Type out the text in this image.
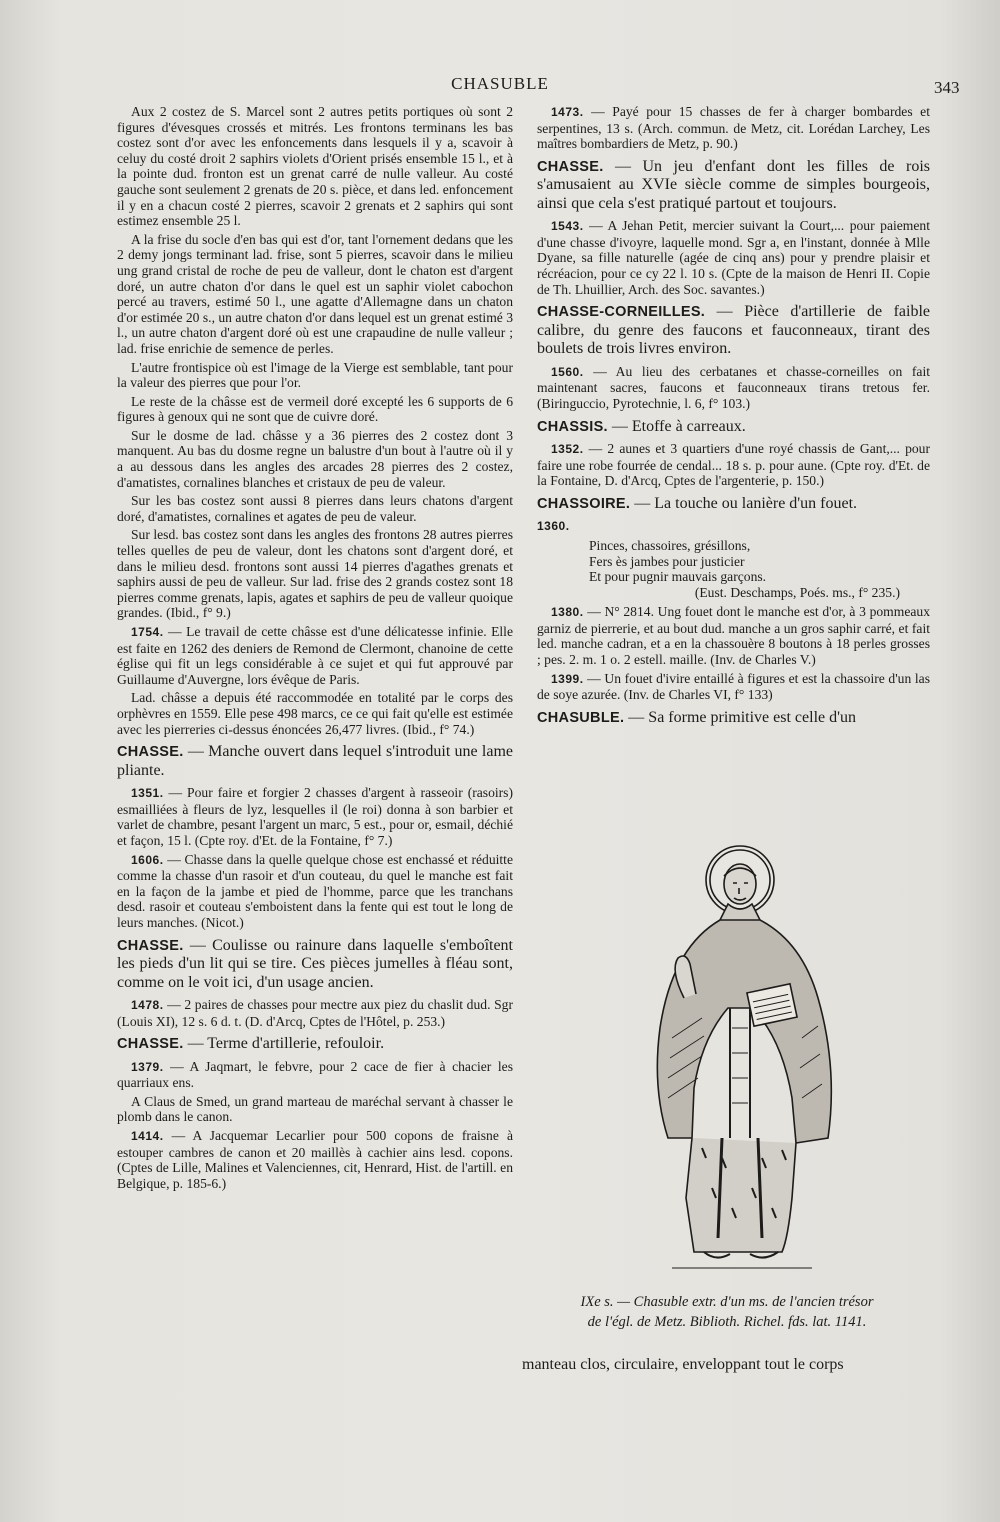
CHASUBLE	343

Aux 2 costez de S. Marcel sont 2 autres petits portiques où sont 2 figures d'évesques crossés et mitrés. Les frontons terminans les bas costez sont d'or avec les enfoncements dans lesquels il y a, scavoir à celuy du costé droit 2 saphirs violets d'Orient prisés ensemble 15 l., et à la pointe dud. fronton est un grenat carré de nulle valleur. Au costé gauche sont seulement 2 grenats de 20 s. pièce, et dans led. enfoncement il y en a chacun costé 2 pierres, scavoir 2 grenats et 2 saphirs qui sont estimez ensemble 25 l.

A la frise du socle d'en bas qui est d'or, tant l'ornement dedans que les 2 demy jongs terminant lad. frise, sont 5 pierres, scavoir dans le milieu ung grand cristal de roche de peu de valleur, dont le chaton est d'argent doré, un autre chaton d'or dans le quel est un saphir violet cabochon percé au travers, estimé 50 l., une agatte d'Allemagne dans un chaton d'or estimée 20 s., un autre chaton d'or dans lequel est un grenat estimé 3 l., un autre chaton d'argent doré où est une crapaudine de nulle valleur ; lad. frise enrichie de semence de perles.

L'autre frontispice où est l'image de la Vierge est semblable, tant pour la valeur des pierres que pour l'or.

Le reste de la châsse est de vermeil doré excepté les 6 supports de 6 figures à genoux qui ne sont que de cuivre doré.

Sur le dosme de lad. châsse y a 36 pierres des 2 costez dont 3 manquent. Au bas du dosme regne un balustre d'un bout à l'autre où il y a au dessous dans les angles des arcades 28 pierres des 2 costez, d'amatistes, cornalines blanches et cristaux de peu de valeur.

Sur les bas costez sont aussi 8 pierres dans leurs chatons d'argent doré, d'amatistes, cornalines et agates de peu de valeur.

Sur lesd. bas costez sont dans les angles des frontons 28 autres pierres telles quelles de peu de valeur, dont les chatons sont d'argent doré, et dans le milieu desd. frontons sont aussi 14 pierres d'agathes grenats et saphirs aussi de peu de valleur. Sur lad. frise des 2 grands costez sont 18 pierres comme grenats, lapis, agates et saphirs de peu de valleur quoique grandes. (Ibid., f° 9.)

1754. — Le travail de cette châsse est d'une délicatesse infinie. Elle est faite en 1262 des deniers de Remond de Clermont, chanoine de cette église qui fit un legs considérable à ce sujet et qui fut approuvé par Guillaume d'Auvergne, lors évêque de Paris.

Lad. châsse a depuis été raccommodée en totalité par le corps des orphèvres en 1559. Elle pese 498 marcs, ce ce qui fait qu'elle est estimée avec les pierreries ci-dessus énoncées 26,477 livres. (Ibid., f° 74.)

CHASSE. — Manche ouvert dans lequel s'introduit une lame pliante.

1351. — Pour faire et forgier 2 chasses d'argent à rasseoir (rasoirs) esmailliées à fleurs de lyz, lesquelles il (le roi) donna à son barbier et varlet de chambre, pesant l'argent un marc, 5 est., pour or, esmail, déchié et façon, 15 l. (Cpte roy. d'Et. de la Fontaine, f° 7.)

1606. — Chasse dans la quelle quelque chose est enchassé et réduitte comme la chasse d'un rasoir et d'un couteau, du quel le manche est fait en la façon de la jambe et pied de l'homme, parce que les tranchans desd. rasoir et couteau s'emboistent dans la fente qui est tout le long de leurs manches. (Nicot.)

CHASSE. — Coulisse ou rainure dans laquelle s'emboîtent les pieds d'un lit qui se tire. Ces pièces jumelles à fléau sont, comme on le voit ici, d'un usage ancien.

1478. — 2 paires de chasses pour mectre aux piez du chaslit dud. Sgr (Louis XI), 12 s. 6 d. t. (D. d'Arcq, Cptes de l'Hôtel, p. 253.)

CHASSE. — Terme d'artillerie, refouloir.

1379. — A Jaqmart, le febvre, pour 2 cace de fier à chacier les quarriaux ens.

A Claus de Smed, un grand marteau de maréchal servant à chasser le plomb dans le canon.

1414. — A Jacquemar Lecarlier pour 500 copons de fraisne à estouper cambres de canon et 20 maillès à cachier ains lesd. copons. (Cptes de Lille, Malines et Valenciennes, cit, Henrard, Hist. de l'artill. en Belgique, p. 185-6.)

1473. — Payé pour 15 chasses de fer à charger bombardes et serpentines, 13 s. (Arch. commun. de Metz, cit. Lorédan Larchey, Les maîtres bombardiers de Metz, p. 90.)

CHASSE. — Un jeu d'enfant dont les filles de rois s'amusaient au XVIe siècle comme de simples bourgeois, ainsi que cela s'est pratiqué partout et toujours.

1543. — A Jehan Petit, mercier suivant la Court,... pour paiement d'une chasse d'ivoyre, laquelle mond. Sgr a, en l'instant, donnée à Mlle Dyane, sa fille naturelle (agée de cinq ans) pour y prendre plaisir et récréacion, pour ce cy 22 l. 10 s. (Cpte de la maison de Henri II. Copie de Th. Lhuillier, Arch. des Soc. savantes.)

CHASSE-CORNEILLES. — Pièce d'artillerie de faible calibre, du genre des faucons et fauconneaux, tirant des boulets de trois livres environ.

1560. — Au lieu des cerbatanes et chasse-corneilles on fait maintenant sacres, faucons et fauconneaux tirans tretous fer. (Biringuccio, Pyrotechnie, l. 6, f° 103.)

CHASSIS. — Etoffe à carreaux.

1352. — 2 aunes et 3 quartiers d'une royé chassis de Gant,... pour faire une robe fourrée de cendal... 18 s. p. pour aune. (Cpte roy. d'Et. de la Fontaine, D. d'Arcq, Cptes de l'argenterie, p. 150.)

CHASSOIRE. — La touche ou lanière d'un fouet.

1360.

Pinces, chassoires, grésillons,

Fers ès jambes pour justicier

Et pour pugnir mauvais garçons.

(Eust. Deschamps, Poés. ms., f° 235.)

1380. — N° 2814. Ung fouet dont le manche est d'or, à 3 pommeaux garniz de pierrerie, et au bout dud. manche a un gros saphir carré, et fait led. manche cadran, et a en la chassouère 8 boutons à 18 perles grosses ; pes. 2. m. 1 o. 2 estell. maille. (Inv. de Charles V.)

1399. — Un fouet d'ivire entaillé à figures et est la chassoire d'un las de soye azurée. (Inv. de Charles VI, f° 133)

CHASUBLE. — Sa forme primitive est celle d'un

IXe s. — Chasuble extr. d'un ms. de l'ancien trésor
de l'égl. de Metz. Biblioth. Richel. fds. lat. 1141.
manteau clos, circulaire, enveloppant tout le corps
